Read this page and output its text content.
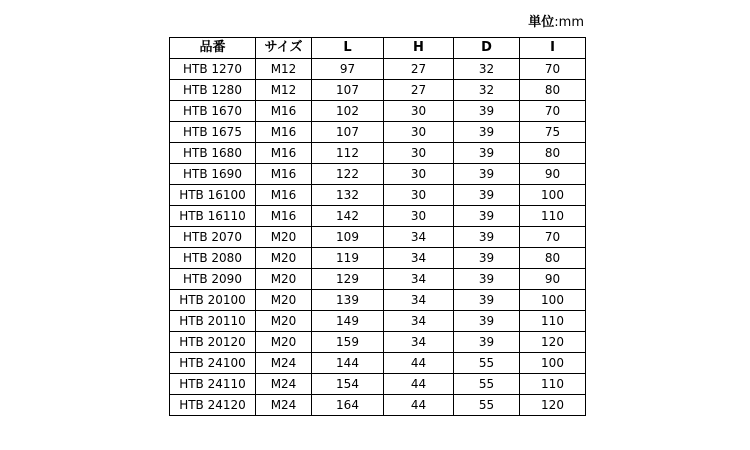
単位:mm
品番	サイズ	L	H	D	I
HTB 1270	M12	97	27	32	70
HTB 1280	M12	107	27	32	80
HTB 1670	M16	102	30	39	70
HTB 1675	M16	107	30	39	75
HTB 1680	M16	112	30	39	80
HTB 1690	M16	122	30	39	90
HTB 16100	M16	132	30	39	100
HTB 16110	M16	142	30	39	110
HTB 2070	M20	109	34	39	70
HTB 2080	M20	119	34	39	80
HTB 2090	M20	129	34	39	90
HTB 20100	M20	139	34	39	100
HTB 20110	M20	149	34	39	110
HTB 20120	M20	159	34	39	120
HTB 24100	M24	144	44	55	100
HTB 24110	M24	154	44	55	110
HTB 24120	M24	164	44	55	120
